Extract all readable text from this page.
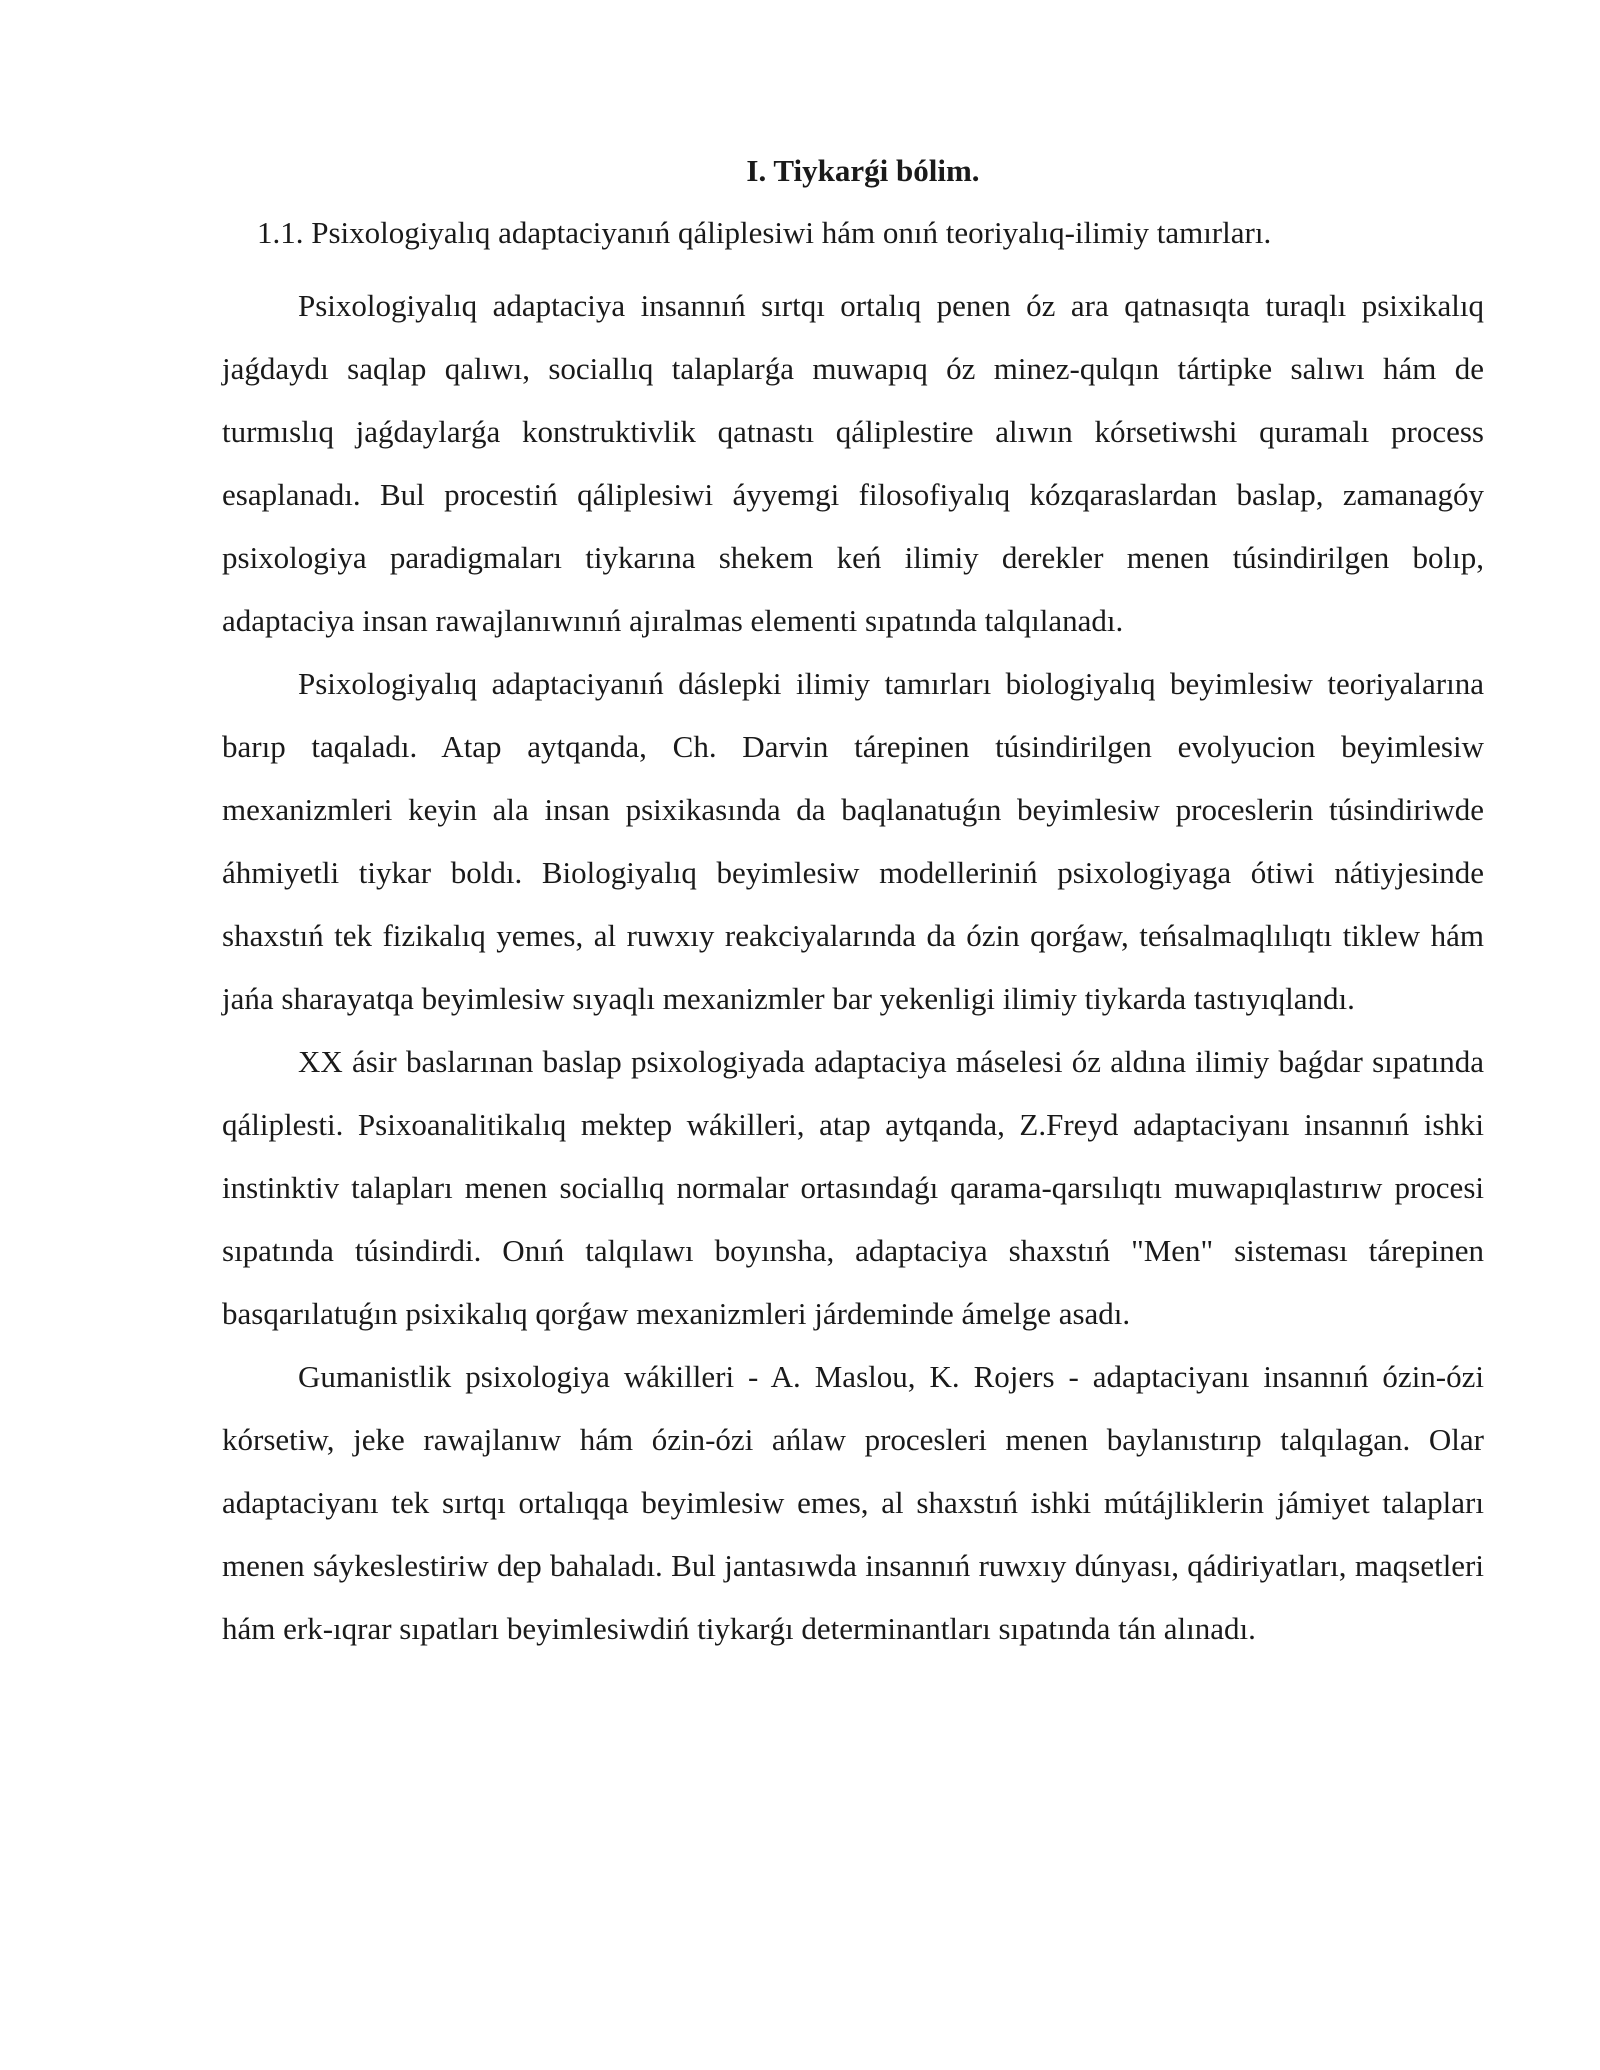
I. Tiykarǵi bólim.
1.1. Psixologiyalıq adaptaciyanıń qáliplesiwi hám onıń teoriyalıq-ilimiy tamırları.

Psixologiyalıq adaptaciya insannıń sırtqı ortalıq penen óz ara qatnasıqta turaqlı psixikalıq jaǵdaydı saqlap qalıwı, sociallıq talaplarǵa muwapıq óz minez-qulqın tártipke salıwı hám de turmıslıq jaǵdaylarǵa konstruktivlik qatnastı qáliplestire alıwın kórsetiwshi quramalı process esaplanadı. Bul procestiń qáliplesiwi áyyemgi filosofiyalıq kózqaraslardan baslap, zamanagóy psixologiya paradigmaları tiykarına shekem keń ilimiy derekler menen túsindirilgen bolıp, adaptaciya insan rawajlanıwınıń ajıralmas elementi sıpatında talqılanadı.

Psixologiyalıq adaptaciyanıń dáslepki ilimiy tamırları biologiyalıq beyimlesiw teoriyalarına barıp taqaladı. Atap aytqanda, Ch. Darvin tárepinen túsindirilgen evolyucion beyimlesiw mexanizmleri keyin ala insan psixikasında da baqlanatuǵın beyimlesiw proceslerin túsindiriwde áhmiyetli tiykar boldı. Biologiyalıq beyimlesiw modelleriniń psixologiyaga ótiwi nátiyjesinde shaxstıń tek fizikalıq yemes, al ruwxıy reakciyalarında da ózin qorǵaw, teńsalmaqlılıqtı tiklew hám jańa sharayatqa beyimlesiw sıyaqlı mexanizmler bar yekenligi ilimiy tiykarda tastıyıqlandı.

XX ásir baslarınan baslap psixologiyada adaptaciya máselesi óz aldına ilimiy baǵdar sıpatında qáliplesti. Psixoanalitikalıq mektep wákilleri, atap aytqanda, Z.Freyd adaptaciyanı insannıń ishki instinktiv talapları menen sociallıq normalar ortasındaǵı qarama-qarsılıqtı muwapıqlastırıw procesi sıpatında túsindirdi. Onıń talqılawı boyınsha, adaptaciya shaxstıń "Men" sisteması tárepinen basqarılatuǵın psixikalıq qorǵaw mexanizmleri járdeminde ámelge asadı.

Gumanistlik psixologiya wákilleri - A. Maslou, K. Rojers - adaptaciyanı insannıń ózin-ózi kórsetiw, jeke rawajlanıw hám ózin-ózi ańlaw procesleri menen baylanıstırıp talqılagan. Olar adaptaciyanı tek sırtqı ortalıqqa beyimlesiw emes, al shaxstıń ishki mútájliklerin jámiyet talapları menen sáykeslestiriw dep bahaladı. Bul jantasıwda insannıń ruwxıy dúnyası, qádiriyatları, maqsetleri hám erk-ıqrar sıpatları beyimlesiwdiń tiykarǵı determinantları sıpatında tán alınadı.
